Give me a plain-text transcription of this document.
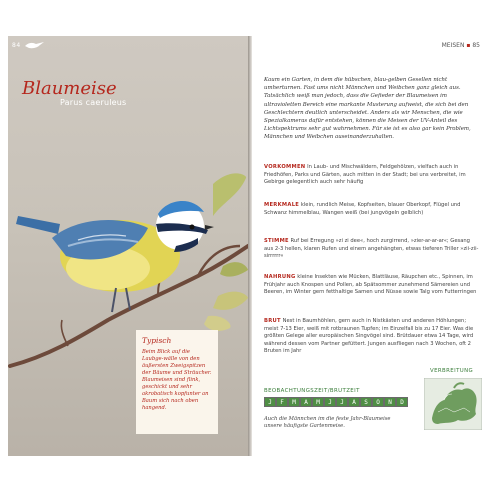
84
Typisch
Beim Blick auf die Laubge-wälle von den äußersten Zweigspitzen der Bäume und Sträucher. Blaumeisen sind flink, geschickt und sehr akrobatisch kopfunter an Baum sich nach oben hangend.
Blaumeise
Parus caeruleus
MEISEN ▪ 85
Kaum ein Garten, in dem die hübschen, blau-gelben Gesellen nicht umherturnen. Fast ums nicht Männchen und Weibchen ganz gleich aus. Tatsächlich weiß man jedoch, dass die Gefieder der Blaumeisen im ultravioletten Bereich eine markante Musterung aufweist, die sich bei den Geschlechtern deutlich unterscheidet. Anders als wir Menschen, die wie Spezialkameras dafür entstehen, können die Meisen der UV-Anteil des Lichtspektrums sehr gut wahrnehmen. Für sie ist es also gar kein Problem, Männchen und Weibchen auseinanderzuhalten.
VORKOMMEN In Laub- und Mischwäldern, Feldgehölzen, vielfach auch in Friedhöfen, Parks und Gärten, auch mitten in der Stadt; bei uns verbreitet, im Gebirge gelegentlich auch sehr häufig
MERKMALE klein, rundlich Meise, Kopfseiten, blauer Oberkopf, Flügel und Schwanz himmelblau, Wangen weiß (bei jungvögeln gelblich)
STIMME Ruf bei Erregung »zi zi dee«, hoch zurgirrend, »zier-ar-ar-ar«; Gesang aus 2-3 hellen, klaren Rufen und einem angehängten, etwas tieferen Triller »zii-zii-sirrrrrr«
NAHRUNG kleine Insekten wie Mücken, Blattläuse, Räupchen etc., Spinnen, im Frühjahr auch Knospen und Pollen, ab Spätsommer zunehmend Sämereien und Beeren, im Winter gern fetthaltige Samen und Nüsse sowie Talg vom Futterringen
BRUT Nest in Baumhöhlen, gern auch in Nistkästen und anderen Höhlungen; meist 7-13 Eier, weiß mit rotbraunen Tupfen; im Einzelfall bis zu 17 Eier. Was die größten Gelege aller europäischen Singvögel sind. Brütdauer etwa 14 Tage, wird während dessen vom Partner gefüttert. Jungen ausfliegen nach 3 Wochen, oft 2 Bruten im Jahr
BEOBACHTUNGSZEIT/BRUTZEIT
J	F	M	A	M	J	J	A	S	O	N	D
Auch die Männchen im die feste Jahr-Blaumeise unsere häufigste Gartenmeise.
VERBREITUNG
